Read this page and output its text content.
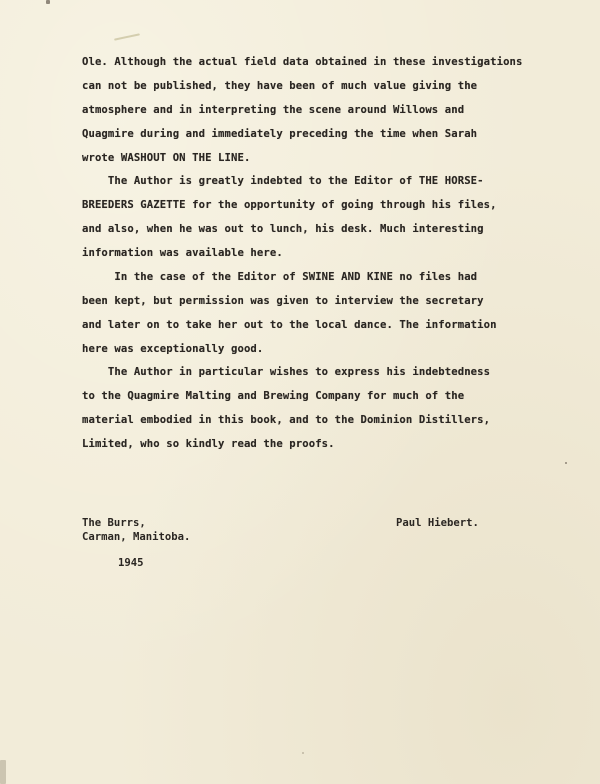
Ole. Although the actual field data obtained in these investigations
can not be published, they have been of much value giving the
atmosphere and in interpreting the scene around Willows and
Quagmire during and immediately preceding the time when Sarah
wrote WASHOUT ON THE LINE.
The Author is greatly indebted to the Editor of THE HORSE-
BREEDERS GAZETTE for the opportunity of going through his files,
and also, when he was out to lunch, his desk. Much interesting
information was available here.
In the case of the Editor of SWINE AND KINE no files had
been kept, but permission was given to interview the secretary
and later on to take her out to the local dance. The information
here was exceptionally good.
The Author in particular wishes to express his indebtedness
to the Quagmire Malting and Brewing Company for much of the
material embodied in this book, and to the Dominion Distillers,
Limited, who so kindly read the proofs.
The Burrs,
Carman, Manitoba.
Paul Hiebert.
1945
